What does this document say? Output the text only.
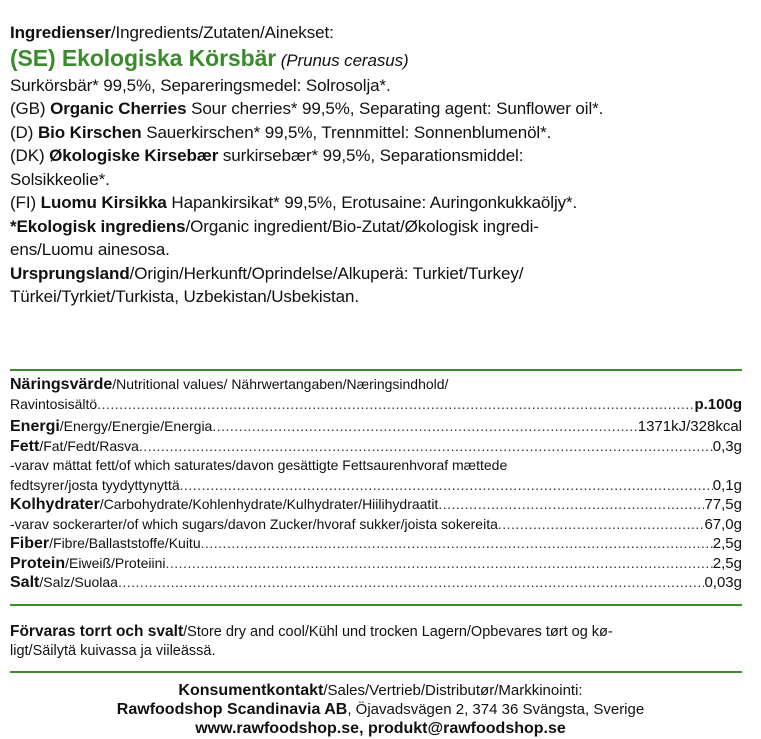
Ingredienser/Ingredients/Zutaten/Ainekset:
(SE) Ekologiska Körsbär (Prunus cerasus)
Surkörsbär* 99,5%, Separeringsmedel: Solrosolja*.
(GB) Organic Cherries Sour cherries* 99,5%, Separating agent: Sunflower oil*.
(D) Bio Kirschen Sauerkirschen* 99,5%, Trennmittel: Sonnenblumenöl*.
(DK) Økologiske Kirsebær surkirsebær* 99,5%, Separationsmiddel:
Solsikkeolie*.
(FI) Luomu Kirsikka Hapankirsikat* 99,5%, Erotusaine: Auringonkukkaöljy*.
*Ekologisk ingrediens/Organic ingredient/Bio-Zutat/Økologisk ingredi-
ens/Luomu ainesosa.
Ursprungsland/Origin/Herkunft/Oprindelse/Alkuperä: Turkiet/Turkey/
Türkei/Tyrkiet/Turkista, Uzbekistan/Usbekistan.
Näringsvärde/Nutritional values/ Nährwertangaben/Næringsindhold/
Ravintosisältö .....	p.100g
Energi/Energy/Energie/Energia .....	1371kJ/328kcal
Fett/Fat/Fedt/Rasva .....	0,3g
-varav mättat fett/of which saturates/davon gesättigte Fettsaurenhvoraf mættede
fedtsyrer/josta tyydyttynyttä .....	0,1g
Kolhydrater/Carbohydrate/Kohlenhydrate/Kulhydrater/Hiilihydraatit .....	77,5g
-varav sockerarter/of which sugars/davon Zucker/hvoraf sukker/joista sokereita .....	67,0g
Fiber/Fibre/Ballaststoffe/Kuitu .....	2,5g
Protein/Eiweiß/Proteiini .....	2,5g
Salt/Salz/Suolaa .....	0,03g
Förvaras torrt och svalt/Store dry and cool/Kühl und trocken Lagern/Opbevares tørt og kø-
ligt/Säilytä kuivassa ja viileässä.
Konsumentkontakt/Sales/Vertrieb/Distributør/Markkinointi:
Rawfoodshop Scandinavia AB, Öjavadsvägen 2, 374 36 Svängsta, Sverige
www.rawfoodshop.se, produkt@rawfoodshop.se
